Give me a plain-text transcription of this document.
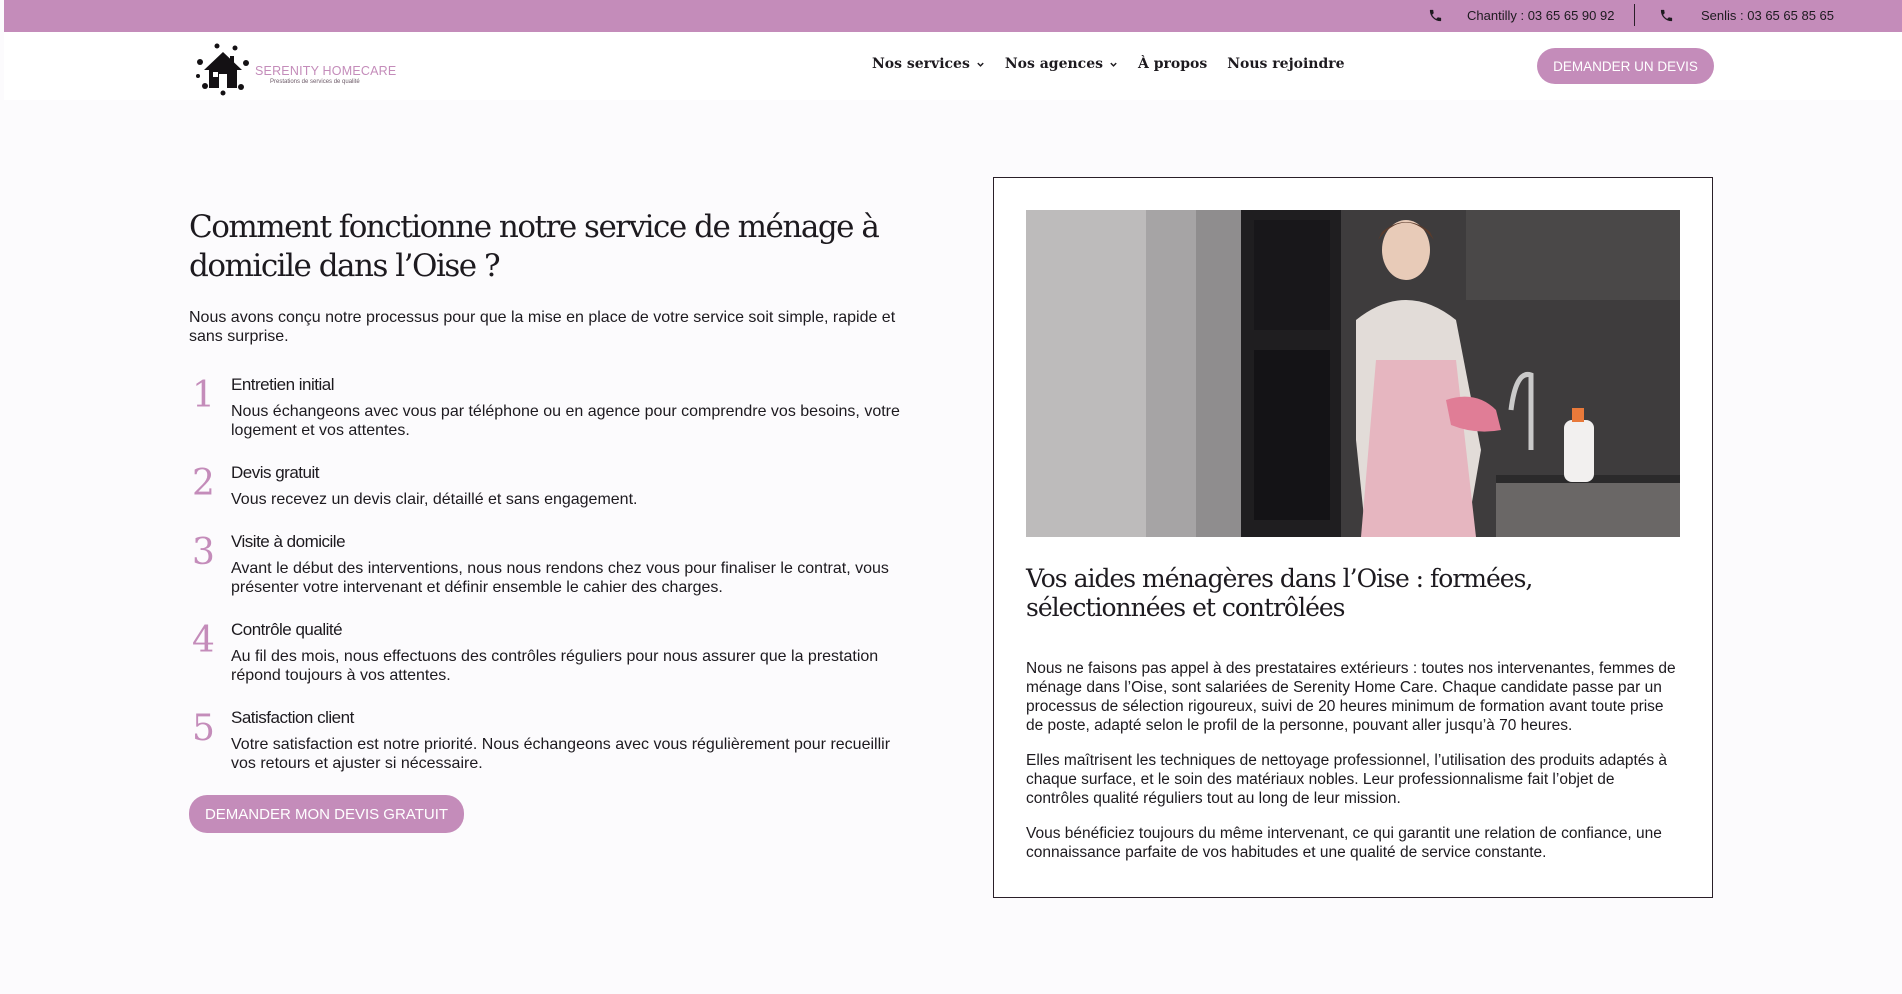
Chantilly : 03 65 65 90 92	Senlis : 03 65 65 85 65
SERENITY HOMECARE
Prestations de services de qualité
Nos services	Nos agences	À propos Nous rejoindre	DEMANDER UN DEVIS
Comment fonctionne notre service de ménage à domicile dans l’Oise ?

Nous avons conçu notre processus pour que la mise en place de votre service soit simple, rapide et sans surprise.

1 Entretien initial
Nous échangeons avec vous par téléphone ou en agence pour comprendre vos besoins, votre logement et vos attentes.
2 Devis gratuit
Vous recevez un devis clair, détaillé et sans engagement.
3 Visite à domicile
Avant le début des interventions, nous nous rendons chez vous pour finaliser le contrat, vous présenter votre intervenant et définir ensemble le cahier des charges.
4 Contrôle qualité
Au fil des mois, nous effectuons des contrôles réguliers pour nous assurer que la prestation répond toujours à vos attentes.
5 Satisfaction client
Votre satisfaction est notre priorité. Nous échangeons avec vous régulièrement pour recueillir vos retours et ajuster si nécessaire.
DEMANDER MON DEVIS GRATUIT
Vos aides ménagères dans l’Oise : formées, sélectionnées et contrôlées

Nous ne faisons pas appel à des prestataires extérieurs : toutes nos intervenantes, femmes de ménage dans l’Oise, sont salariées de Serenity Home Care. Chaque candidate passe par un processus de sélection rigoureux, suivi de 20 heures minimum de formation avant toute prise de poste, adapté selon le profil de la personne, pouvant aller jusqu’à 70 heures.

Elles maîtrisent les techniques de nettoyage professionnel, l’utilisation des produits adaptés à chaque surface, et le soin des matériaux nobles. Leur professionnalisme fait l’objet de contrôles qualité réguliers tout au long de leur mission.

Vous bénéficiez toujours du même intervenant, ce qui garantit une relation de confiance, une connaissance parfaite de vos habitudes et une qualité de service constante.
